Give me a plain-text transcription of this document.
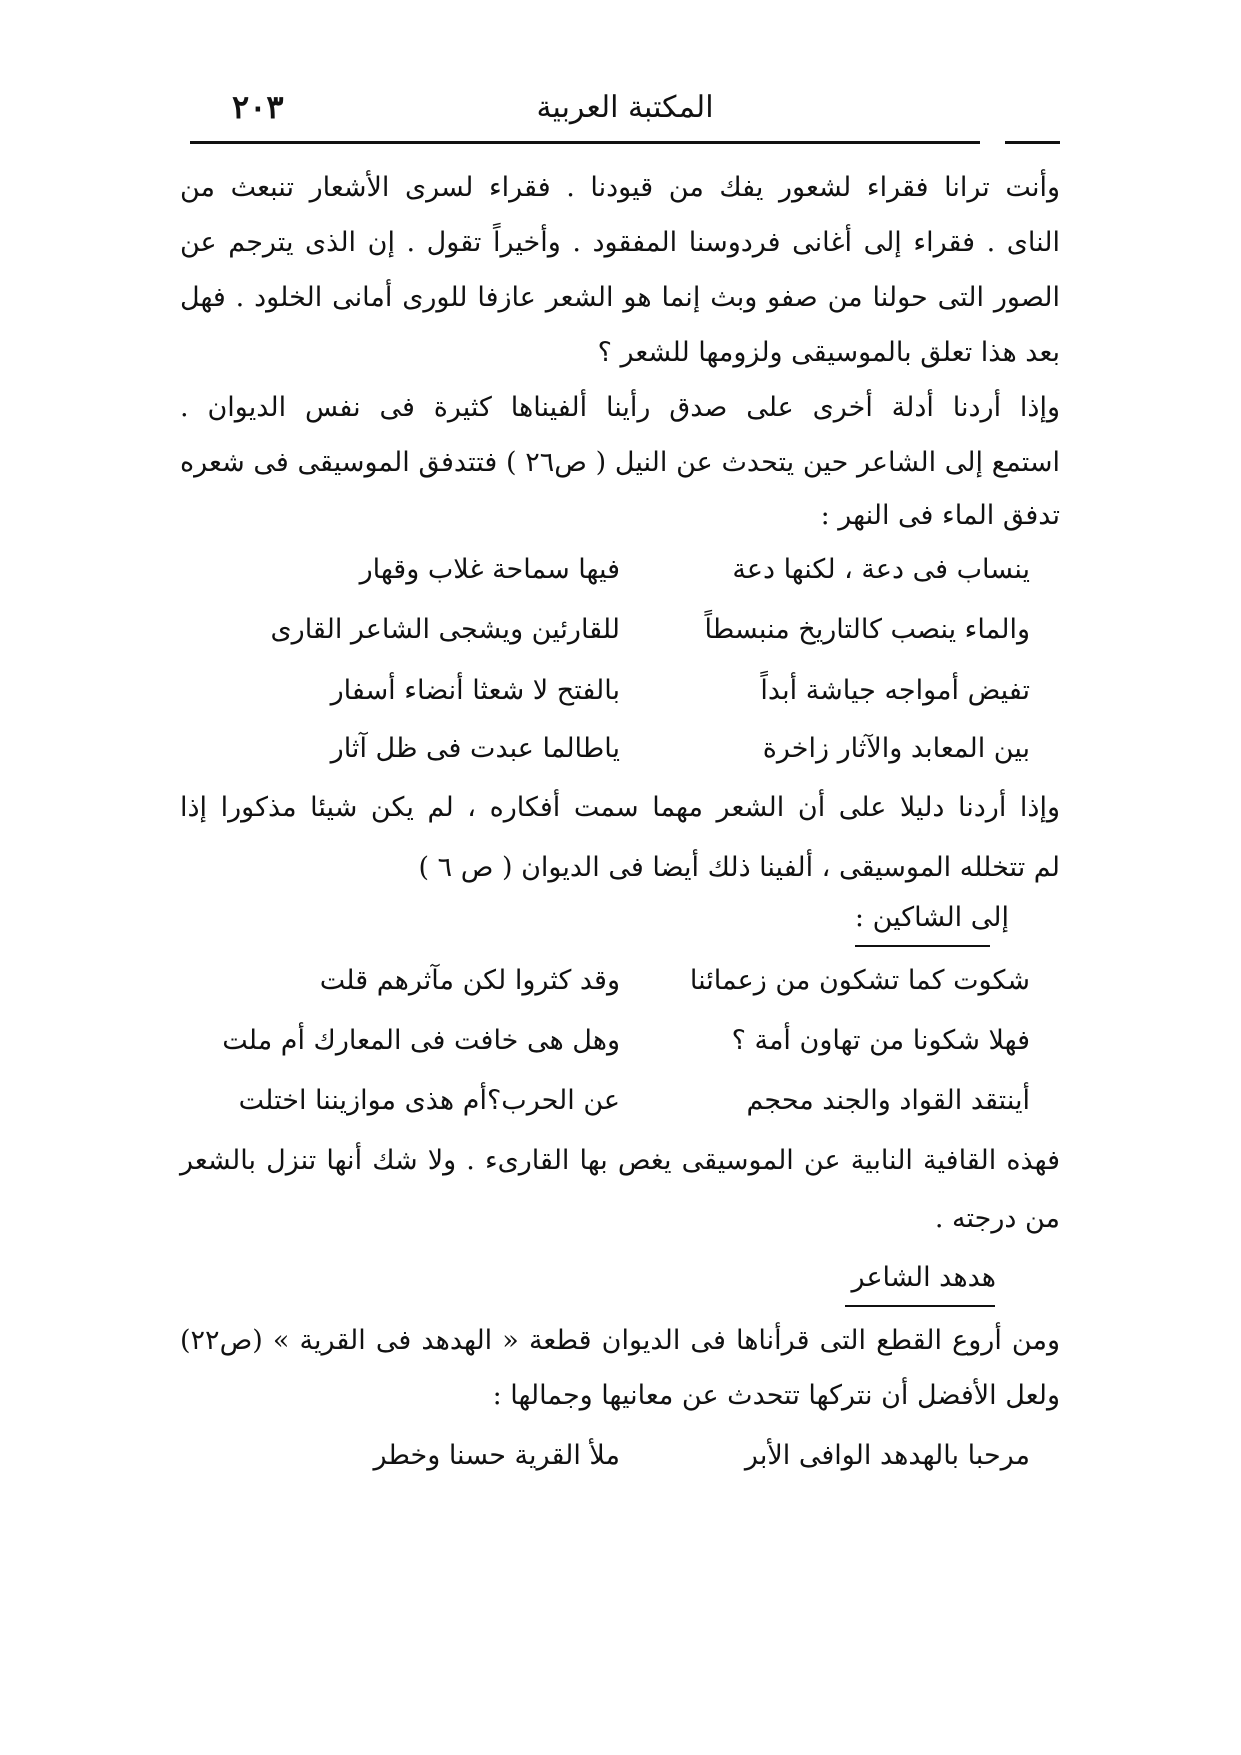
المكتبة العربية
٢٠٣
وأنت ترانا فقراء لشعور يفك من قيودنا . فقراء لسرى الأشعار تنبعث من
الناى . فقراء إلى أغانى فردوسنا المفقود . وأخيراً تقول . إن الذى يترجم عن
الصور التى حولنا من صفو وبث إنما هو الشعر عازفا للورى أمانى الخلود . فهل
بعد هذا تعلق بالموسيقى ولزومها للشعر ؟
وإذا أردنا أدلة أخرى على صدق رأينا ألفيناها كثيرة فى نفس الديوان .
استمع إلى الشاعر حين يتحدث عن النيل ( ص٢٦ ) فتتدفق الموسيقى فى شعره
تدفق الماء فى النهر :
ينساب فى دعة ، لكنها دعة
فيها سماحة غلاب وقهار
والماء ينصب كالتاريخ منبسطاً
للقارئين ويشجى الشاعر القارى
تفيض أمواجه جياشة أبداً
بالفتح لا شعثا أنضاء أسفار
بين المعابد والآثار زاخرة
ياطالما عبدت فى ظل آثار
وإذا أردنا دليلا على أن الشعر مهما سمت أفكاره ، لم يكن شيئا مذكورا إذا
لم تتخلله الموسيقى ، ألفينا ذلك أيضا فى الديوان ( ص ٦ )
إلى الشاكين :
شكوت كما تشكون من زعمائنا
وقد كثروا لكن مآثرهم قلت
فهلا شكونا من تهاون أمة ؟
وهل هى خافت فى المعارك أم ملت
أينتقد القواد والجند محجم
عن الحرب؟أم هذى موازيننا اختلت
فهذه القافية النابية عن الموسيقى يغص بها القارىء . ولا شك أنها تنزل بالشعر
من درجته .
هدهد الشاعر
ومن أروع القطع التى قرأناها فى الديوان قطعة « الهدهد فى القرية » (ص٢٢)
ولعل الأفضل أن نتركها تتحدث عن معانيها وجمالها :
مرحبا بالهدهد الوافى الأبر
ملأ القرية حسنا وخطر
